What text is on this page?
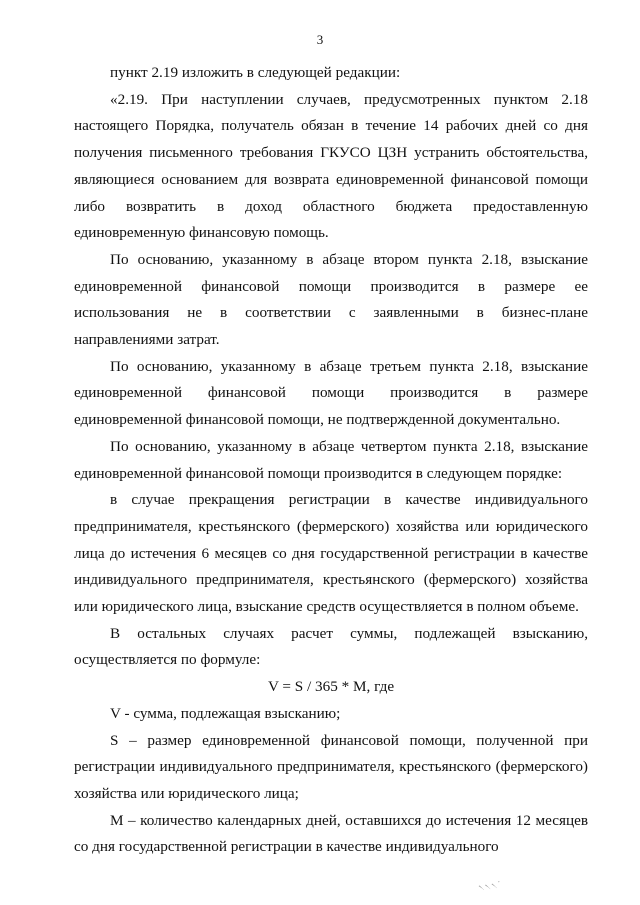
3

пункт 2.19 изложить в следующей редакции:

«2.19. При наступлении случаев, предусмотренных пунктом 2.18 настоящего Порядка, получатель обязан в течение 14 рабочих дней со дня получения письменного требования ГКУСО ЦЗН устранить обстоятельства, являющиеся основанием для возврата единовременной финансовой помощи либо возвратить в доход областного бюджета предоставленную единовременную финансовую помощь.

По основанию, указанному в абзаце втором пункта 2.18, взыскание единовременной финансовой помощи производится в размере ее использования не в соответствии с заявленными в бизнес-плане направлениями затрат.

По основанию, указанному в абзаце третьем пункта 2.18, взыскание единовременной финансовой помощи производится в размере единовременной финансовой помощи, не подтвержденной документально.

По основанию, указанному в абзаце четвертом пункта 2.18, взыскание единовременной финансовой помощи производится в следующем порядке:

в случае прекращения регистрации в качестве индивидуального предпринимателя, крестьянского (фермерского) хозяйства или юридического лица до истечения 6 месяцев со дня государственной регистрации в качестве индивидуального предпринимателя, крестьянского (фермерского) хозяйства или юридического лица, взыскание средств осуществляется в полном объеме.

В остальных случаях расчет суммы, подлежащей взысканию, осуществляется по формуле:

V = S / 365 * M, где

V - сумма, подлежащая взысканию;

S – размер единовременной финансовой помощи, полученной при регистрации индивидуального предпринимателя, крестьянского (фермерского) хозяйства или юридического лица;

М – количество календарных дней, оставшихся до истечения 12 месяцев со дня государственной регистрации в качестве индивидуального

৲৲৲·
